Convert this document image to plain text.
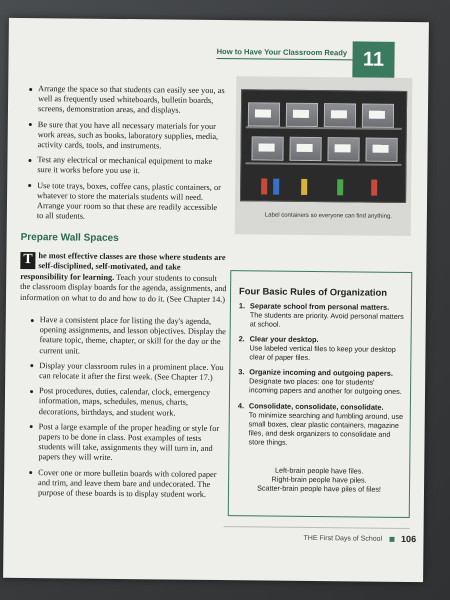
How to Have Your Classroom Ready 11
Label containers so everyone can find anything.
Arrange the space so that students can easily see you, as well as frequently used whiteboards, bulletin boards, screens, demonstration areas, and displays.
Be sure that you have all necessary materials for your work areas, such as books, laboratory supplies, media, activity cards, tools, and instruments.
Test any electrical or mechanical equipment to make sure it works before you use it.
Use tote trays, boxes, coffee cans, plastic containers, or whatever to store the materials students will need. Arrange your room so that these are readily accessible to all students.
Prepare Wall Spaces
T he most effective classes are those where students are self-disciplined, self-motivated, and take responsibility for learning. Teach your students to consult the classroom display boards for the agenda, assignments, and information on what to do and how to do it. (See Chapter 14.)
Have a consistent place for listing the day's agenda, opening assignments, and lesson objectives. Display the feature topic, theme, chapter, or skill for the day or the current unit.
Display your classroom rules in a prominent place. You can relocate it after the first week. (See Chapter 17.)
Post procedures, duties, calendar, clock, emergency information, maps, schedules, menus, charts, decorations, birthdays, and student work.
Post a large example of the proper heading or style for papers to be done in class. Post examples of tests students will take, assignments they will turn in, and papers they will write.
Cover one or more bulletin boards with colored paper and trim, and leave them bare and undecorated. The purpose of these boards is to display student work.
Four Basic Rules of Organization
1. Separate school from personal matters.
The students are priority. Avoid personal matters at school.
2. Clear your desktop.
Use labeled vertical files to keep your desktop clear of paper files.
3. Organize incoming and outgoing papers.
Designate two places: one for students' incoming papers and another for outgoing ones.
4. Consolidate, consolidate, consolidate.
To minimize searching and fumbling around, use small boxes, clear plastic containers, magazine files, and desk organizers to consolidate and store things.
Left-brain people have files.
Right-brain people have piles.
Scatter-brain people have piles of files!
THE First Days of School 106
